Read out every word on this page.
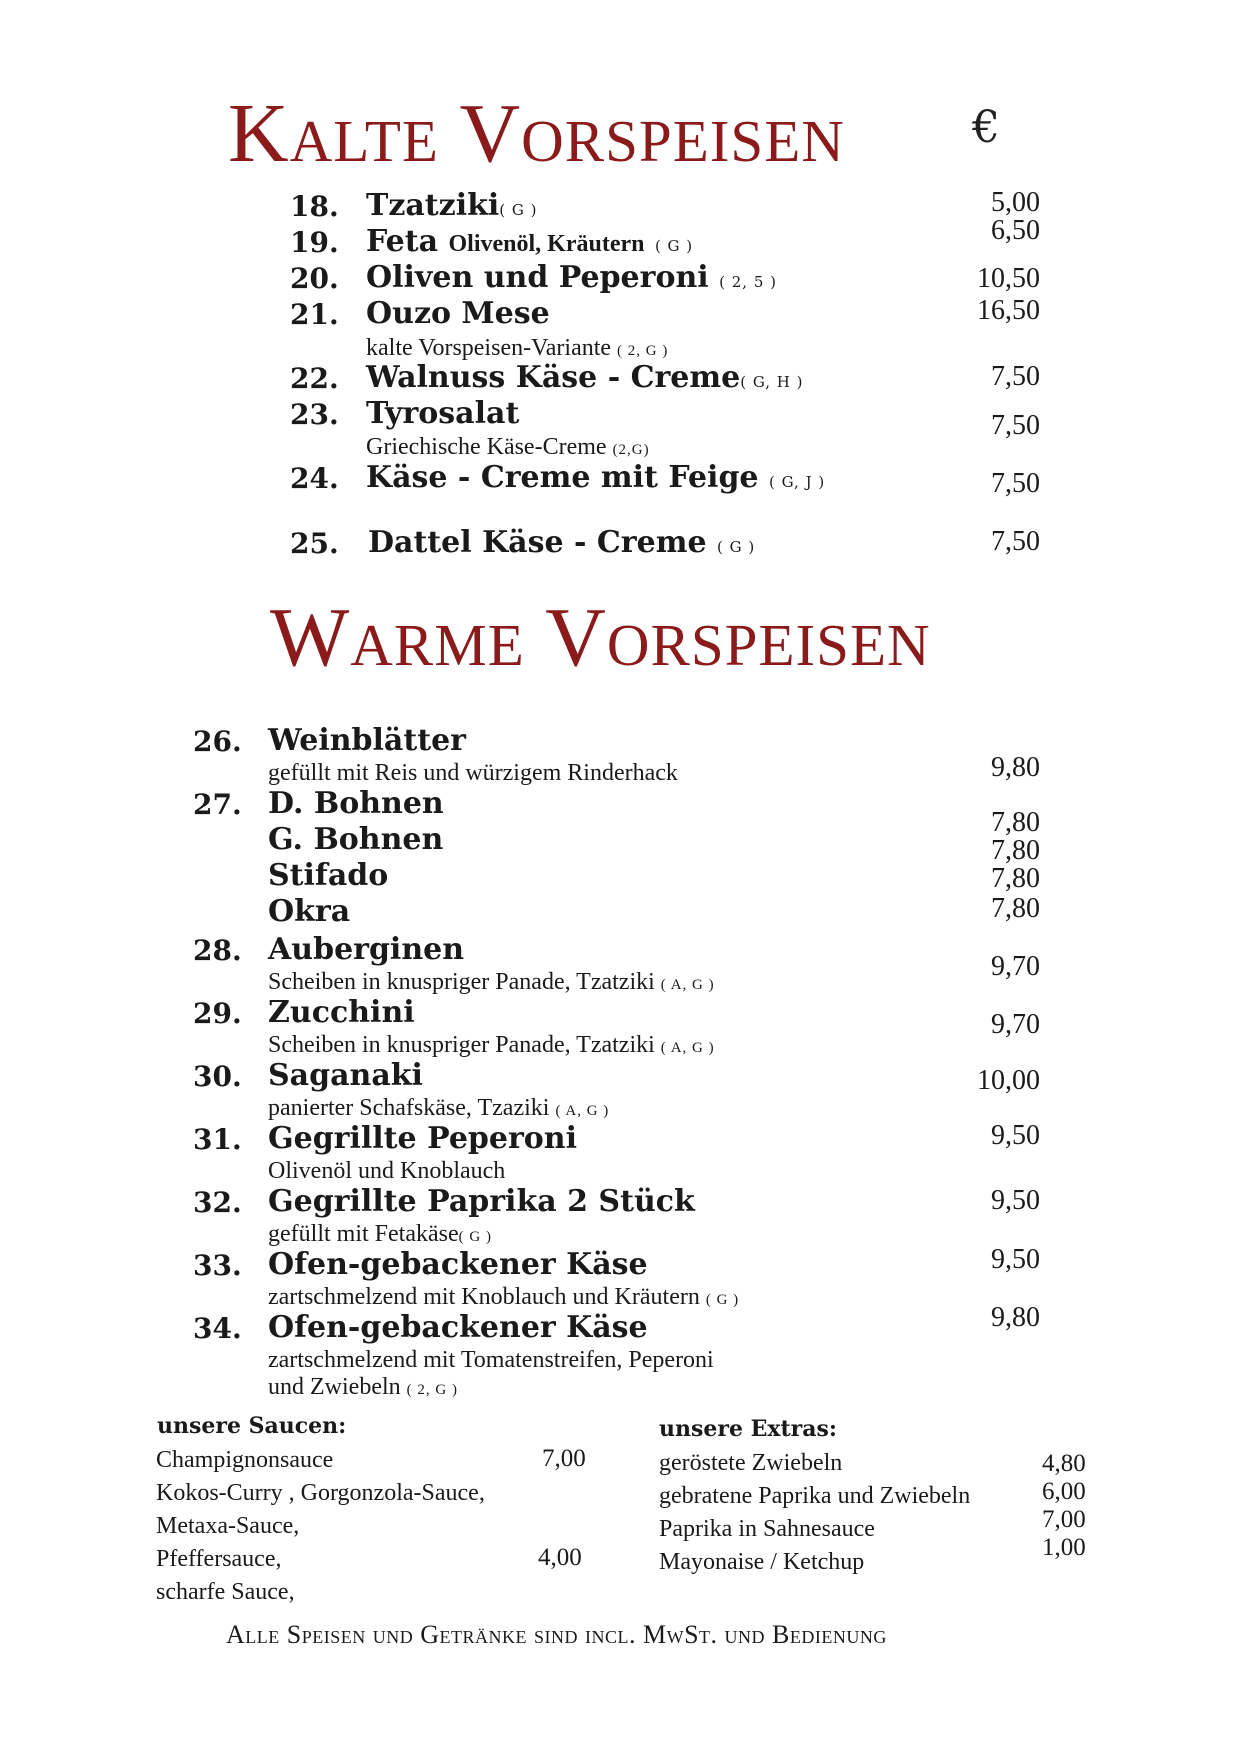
Kalte Vorspeisen	€
18. Tzatziki( G )	5,00
19. Feta Olivenöl, Kräutern ( G )	6,50
20. Oliven und Peperoni ( 2, 5 )	10,50
21. Ouzo Mese
kalte Vorspeisen-Variante ( 2, G )
16,50
22. Walnuss Käse - Creme( G, H )	7,50
23. Tyrosalat
Griechische Käse-Creme (2,G)
7,50
24. Käse - Creme mit Feige ( G, J )	7,50
25. Dattel Käse - Creme ( G )	7,50
Warme Vorspeisen
26. Weinblätter
gefüllt mit Reis und würzigem Rinderhack	9,80
27. D. Bohnen
7,80
G. Bohnen	7,80
Stifado	7,80
Okra	7,80
28. Auberginen
Scheiben in knuspriger Panade, Tzatziki ( A, G )
9,70
29. Zucchini
Scheiben in knuspriger Panade, Tzatziki ( A, G )
9,70
30. Saganaki
panierter Schafskäse, Tzaziki ( A, G )
10,00
31. Gegrillte Peperoni
Olivenöl und Knoblauch
9,50
32. Gegrillte Paprika 2 Stück
gefüllt mit Fetakäse( G )
9,50
33. Ofen-gebackener Käse
zartschmelzend mit Knoblauch und Kräutern ( G )
9,50
34. Ofen-gebackener Käse
zartschmelzend mit Tomatenstreifen, Peperoni
und Zwiebeln ( 2, G )
9,80
unsere Saucen:
Champignonsauce	7,00
Kokos-Curry , Gorgonzola-Sauce,
Metaxa-Sauce,
Pfeffersauce,	4,00
scharfe Sauce,
unsere Extras:
geröstete Zwiebeln	4,80
gebratene Paprika und Zwiebeln	6,00
Paprika in Sahnesauce	7,00
Mayonaise / Ketchup
1,00
Alle Speisen und Getränke sind incl. MwSt. und Bedienung
